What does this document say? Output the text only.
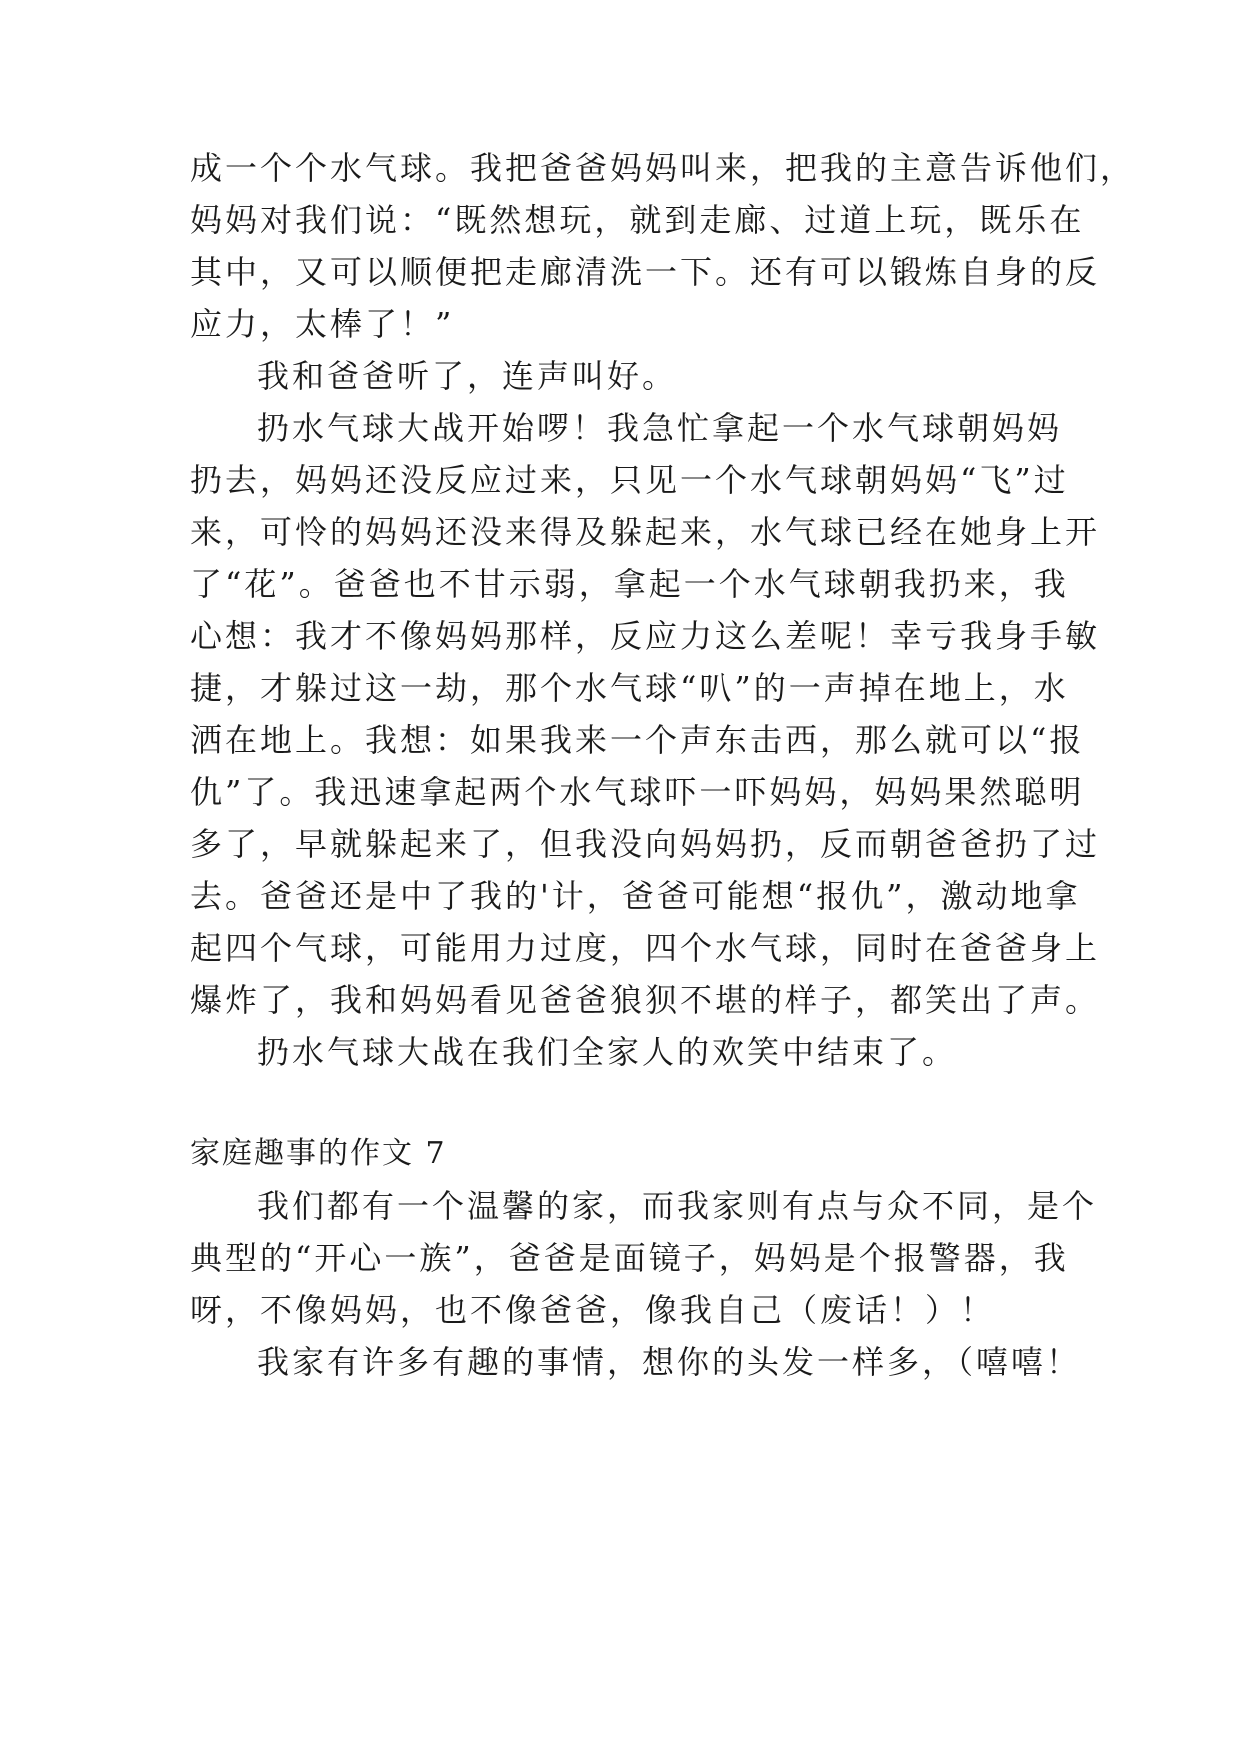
成一个个水气球。我把爸爸妈妈叫来，把我的主意告诉他们，
妈妈对我们说：“既然想玩，就到走廊、过道上玩，既乐在
其中，又可以顺便把走廊清洗一下。还有可以锻炼自身的反
应力，太棒了！”
我和爸爸听了，连声叫好。
扔水气球大战开始啰！我急忙拿起一个水气球朝妈妈
扔去，妈妈还没反应过来，只见一个水气球朝妈妈“飞”过
来，可怜的妈妈还没来得及躲起来，水气球已经在她身上开
了“花”。爸爸也不甘示弱，拿起一个水气球朝我扔来，我
心想：我才不像妈妈那样，反应力这么差呢！幸亏我身手敏
捷，才躲过这一劫，那个水气球“叭”的一声掉在地上，水
洒在地上。我想：如果我来一个声东击西，那么就可以“报
仇”了。我迅速拿起两个水气球吓一吓妈妈，妈妈果然聪明
多了，早就躲起来了，但我没向妈妈扔，反而朝爸爸扔了过
去。爸爸还是中了我的'计，爸爸可能想“报仇”，激动地拿
起四个气球，可能用力过度，四个水气球，同时在爸爸身上
爆炸了，我和妈妈看见爸爸狼狈不堪的样子，都笑出了声。
扔水气球大战在我们全家人的欢笑中结束了。
家庭趣事的作文 7
我们都有一个温馨的家，而我家则有点与众不同，是个
典型的“开心一族”，爸爸是面镜子，妈妈是个报警器，我
呀，不像妈妈，也不像爸爸，像我自己（废话！）！
我家有许多有趣的事情，想你的头发一样多，（嘻嘻！
